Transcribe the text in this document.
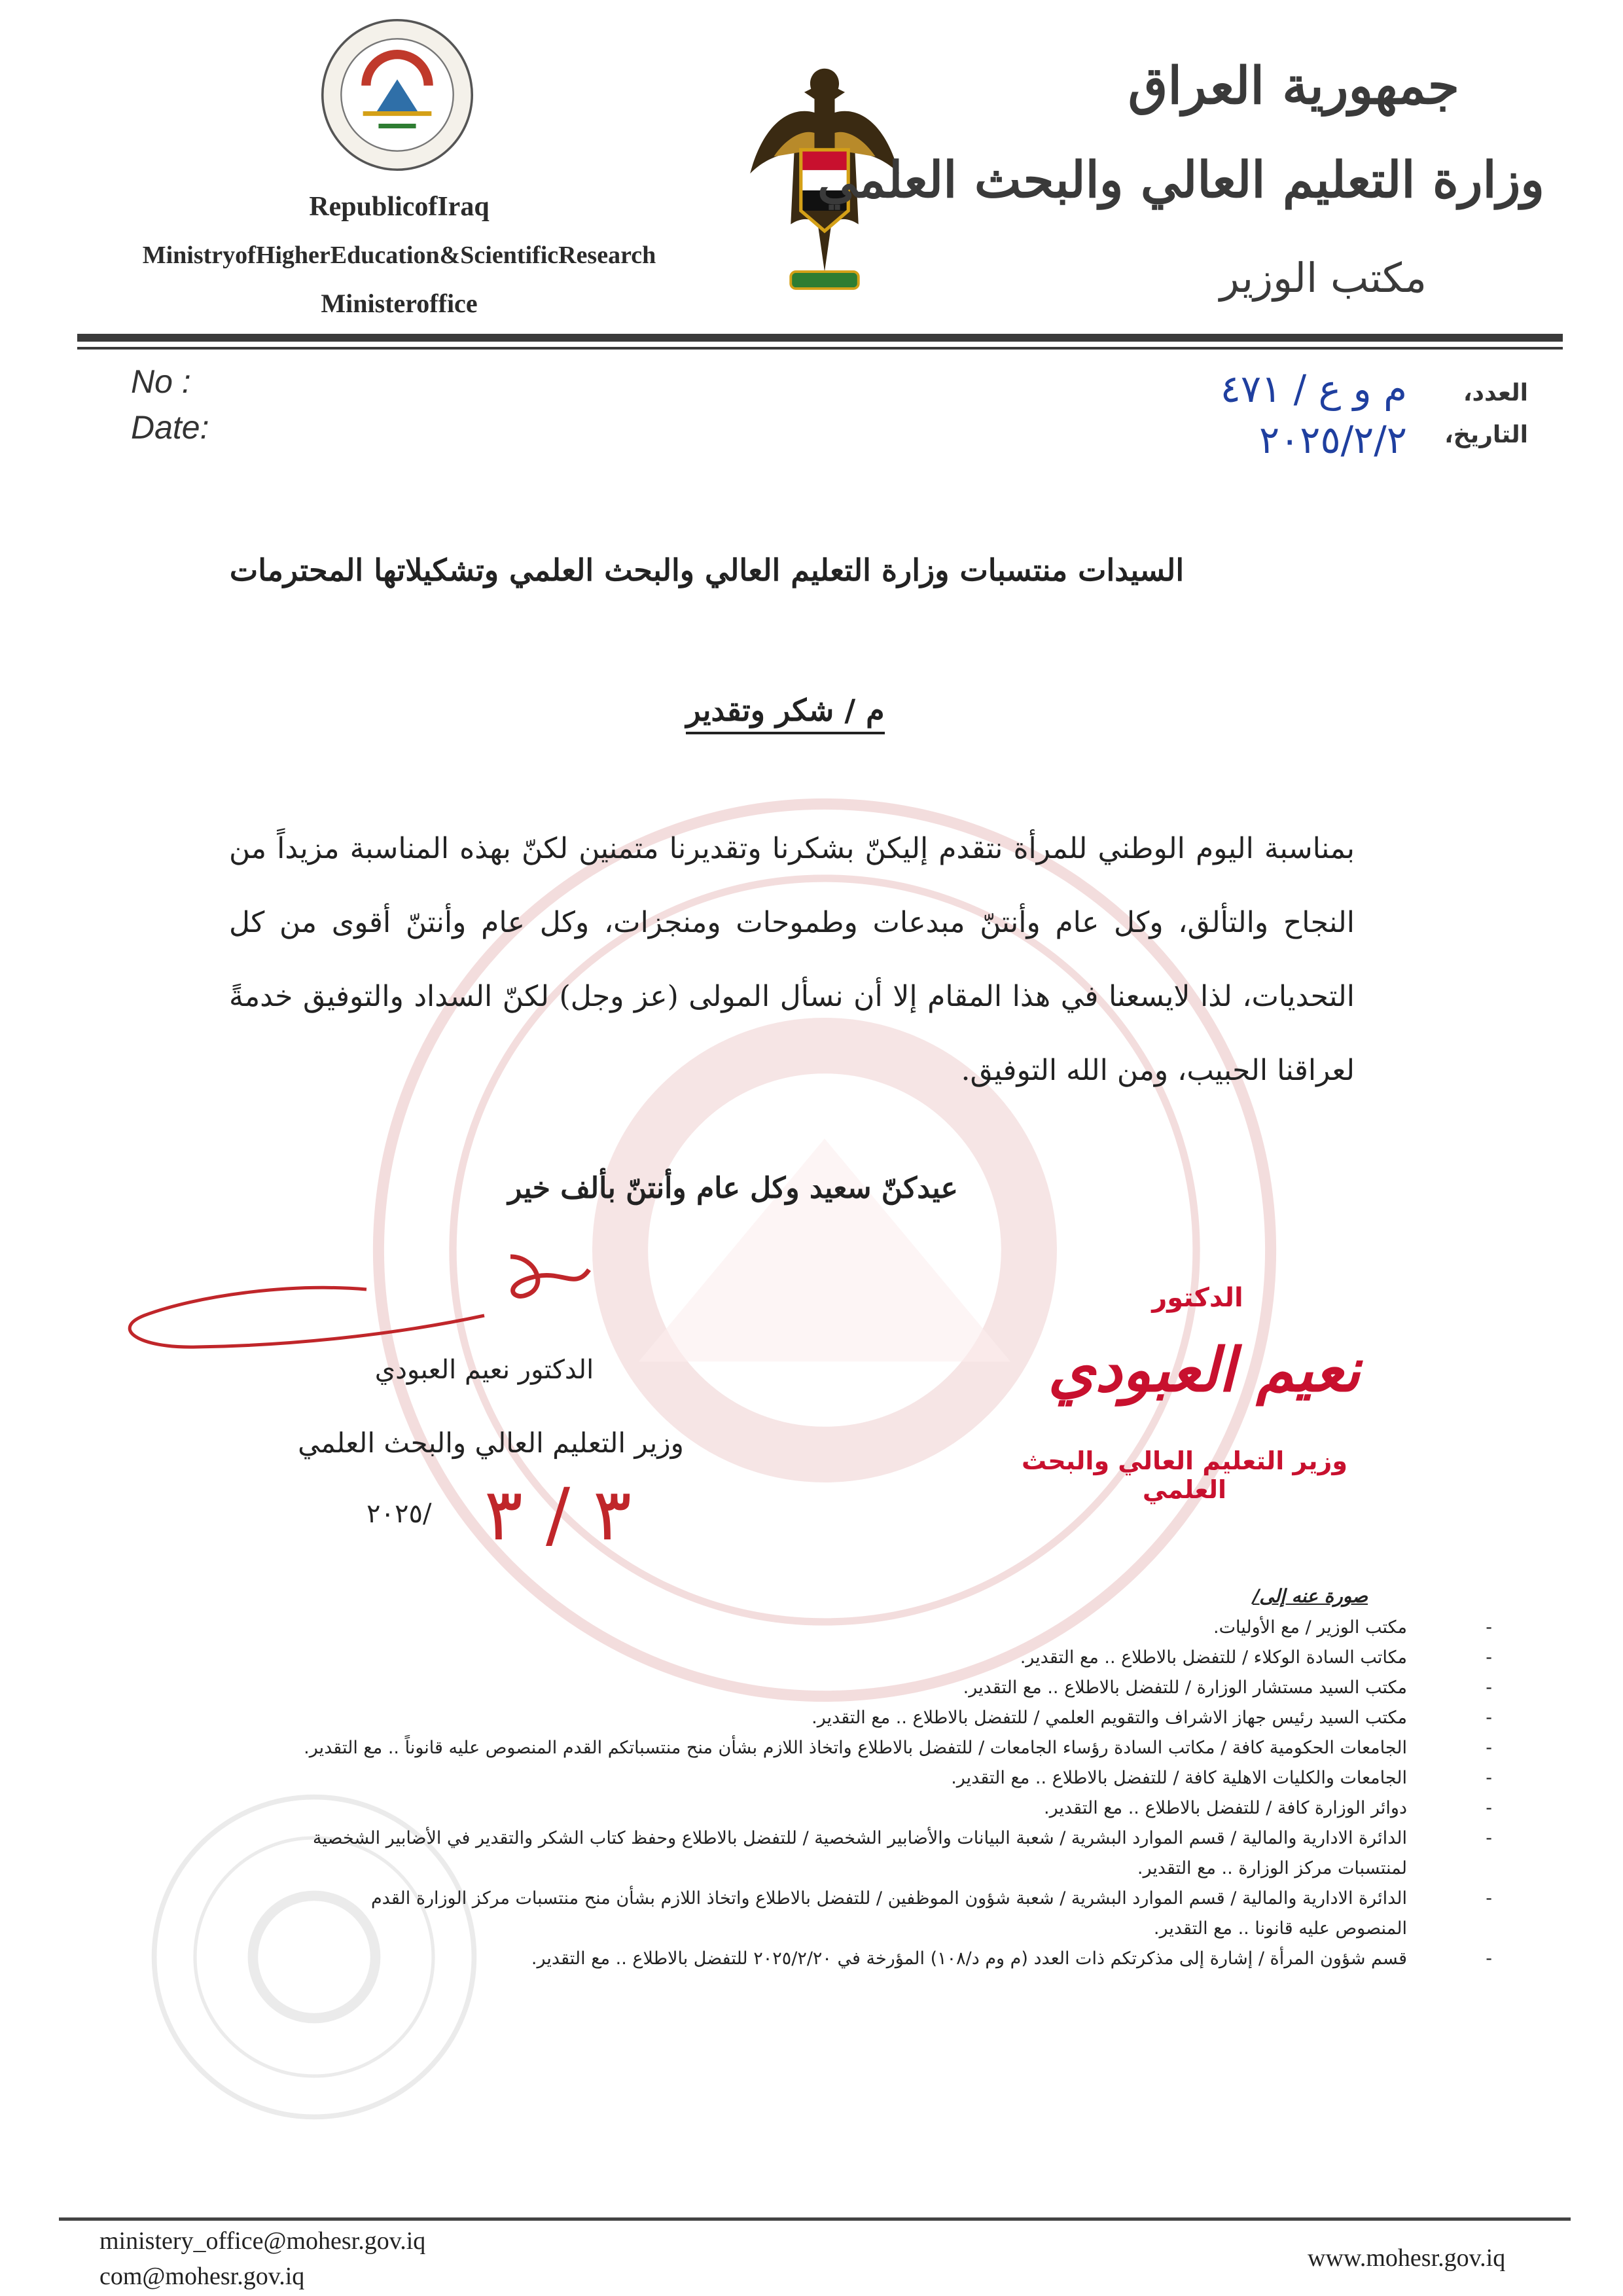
RepublicofIraq
MinistryofHigherEducation&ScientificResearch
Ministeroffice
جمهورية العراق
وزارة التعليم العالي والبحث العلمي
مكتب الوزير
No :
Date:
العدد،
التاريخ،
م و ع / ٤٧١
٢٠٢٥/٢/٢
السيدات منتسبات وزارة التعليم العالي والبحث العلمي وتشكيلاتها المحترمات
م / شكر وتقدير
بمناسبة اليوم الوطني للمرأة نتقدم إليكنّ بشكرنا وتقديرنا متمنين لكنّ بهذه المناسبة مزيداً من النجاح والتألق، وكل عام وأنتنّ مبدعات وطموحات ومنجزات، وكل عام وأنتنّ أقوى من كل التحديات، لذا لايسعنا في هذا المقام إلا أن نسأل المولى (عز وجل) لكنّ السداد والتوفيق خدمةً لعراقنا الحبيب، ومن الله التوفيق.
عيدكنّ سعيد وكل عام وأنتنّ بألف خير
الدكتور نعيم العبودي
وزير التعليم العالي والبحث العلمي
/٢٠٢٥ ٣ / ٣
الدكتور
نعيم العبودي
وزير التعليم العالي والبحث العلمي
صورة عنه إلى/
- مكتب الوزير / مع الأوليات.
- مكاتب السادة الوكلاء / للتفضل بالاطلاع .. مع التقدير.
- مكتب السيد مستشار الوزارة / للتفضل بالاطلاع .. مع التقدير.
- مكتب السيد رئيس جهاز الاشراف والتقويم العلمي / للتفضل بالاطلاع .. مع التقدير.
- الجامعات الحكومية كافة / مكاتب السادة رؤساء الجامعات / للتفضل بالاطلاع واتخاذ اللازم بشأن منح منتسباتكم القدم المنصوص عليه قانوناً .. مع التقدير.
- الجامعات والكليات الاهلية كافة / للتفضل بالاطلاع .. مع التقدير.
- دوائر الوزارة كافة / للتفضل بالاطلاع .. مع التقدير.
- الدائرة الادارية والمالية / قسم الموارد البشرية / شعبة البيانات والأضابير الشخصية / للتفضل بالاطلاع وحفظ كتاب الشكر والتقدير في الأضابير الشخصية لمنتسبات مركز الوزارة .. مع التقدير.
- الدائرة الادارية والمالية / قسم الموارد البشرية / شعبة شؤون الموظفين / للتفضل بالاطلاع واتخاذ اللازم بشأن منح منتسبات مركز الوزارة القدم المنصوص عليه قانونا .. مع التقدير.
- قسم شؤون المرأة / إشارة إلى مذكرتكم ذات العدد (م وم د/١٠٨) المؤرخة في ٢٠٢٥/٢/٢٠ للتفضل بالاطلاع .. مع التقدير.
ministery_office@mohesr.gov.iq
com@mohesr.gov.iq
www.mohesr.gov.iq
